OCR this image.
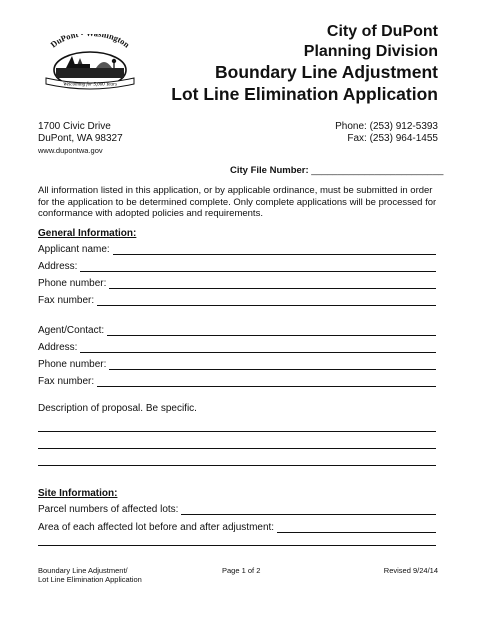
DuPont hington
Welcoming for 5,000 Years
City of DuPont
Planning Division
Boundary Line Adjustment
Lot Line Elimination Application
1700 Civic Drive
DuPont, WA 98327
www.dupontwa.gov
Phone: (253) 912-5393
Fax: (253) 964-1455
City File Number: _________________________
All information listed in this application, or by applicable ordinance, must be submitted in order for the application to be determined complete. Only complete applications will be processed for conformance with adopted policies and requirements.
General Information:
Applicant name:
Address:
Phone number:
Fax number:
Agent/Contact:
Address:
Phone number:
Fax number:
Description of proposal. Be specific.
Site Information:
Parcel numbers of affected lots:
Area of each affected lot before and after adjustment:
Boundary Line Adjustment/
Lot Line Elimination Application
Page 1 of 2	Revised 9/24/14
